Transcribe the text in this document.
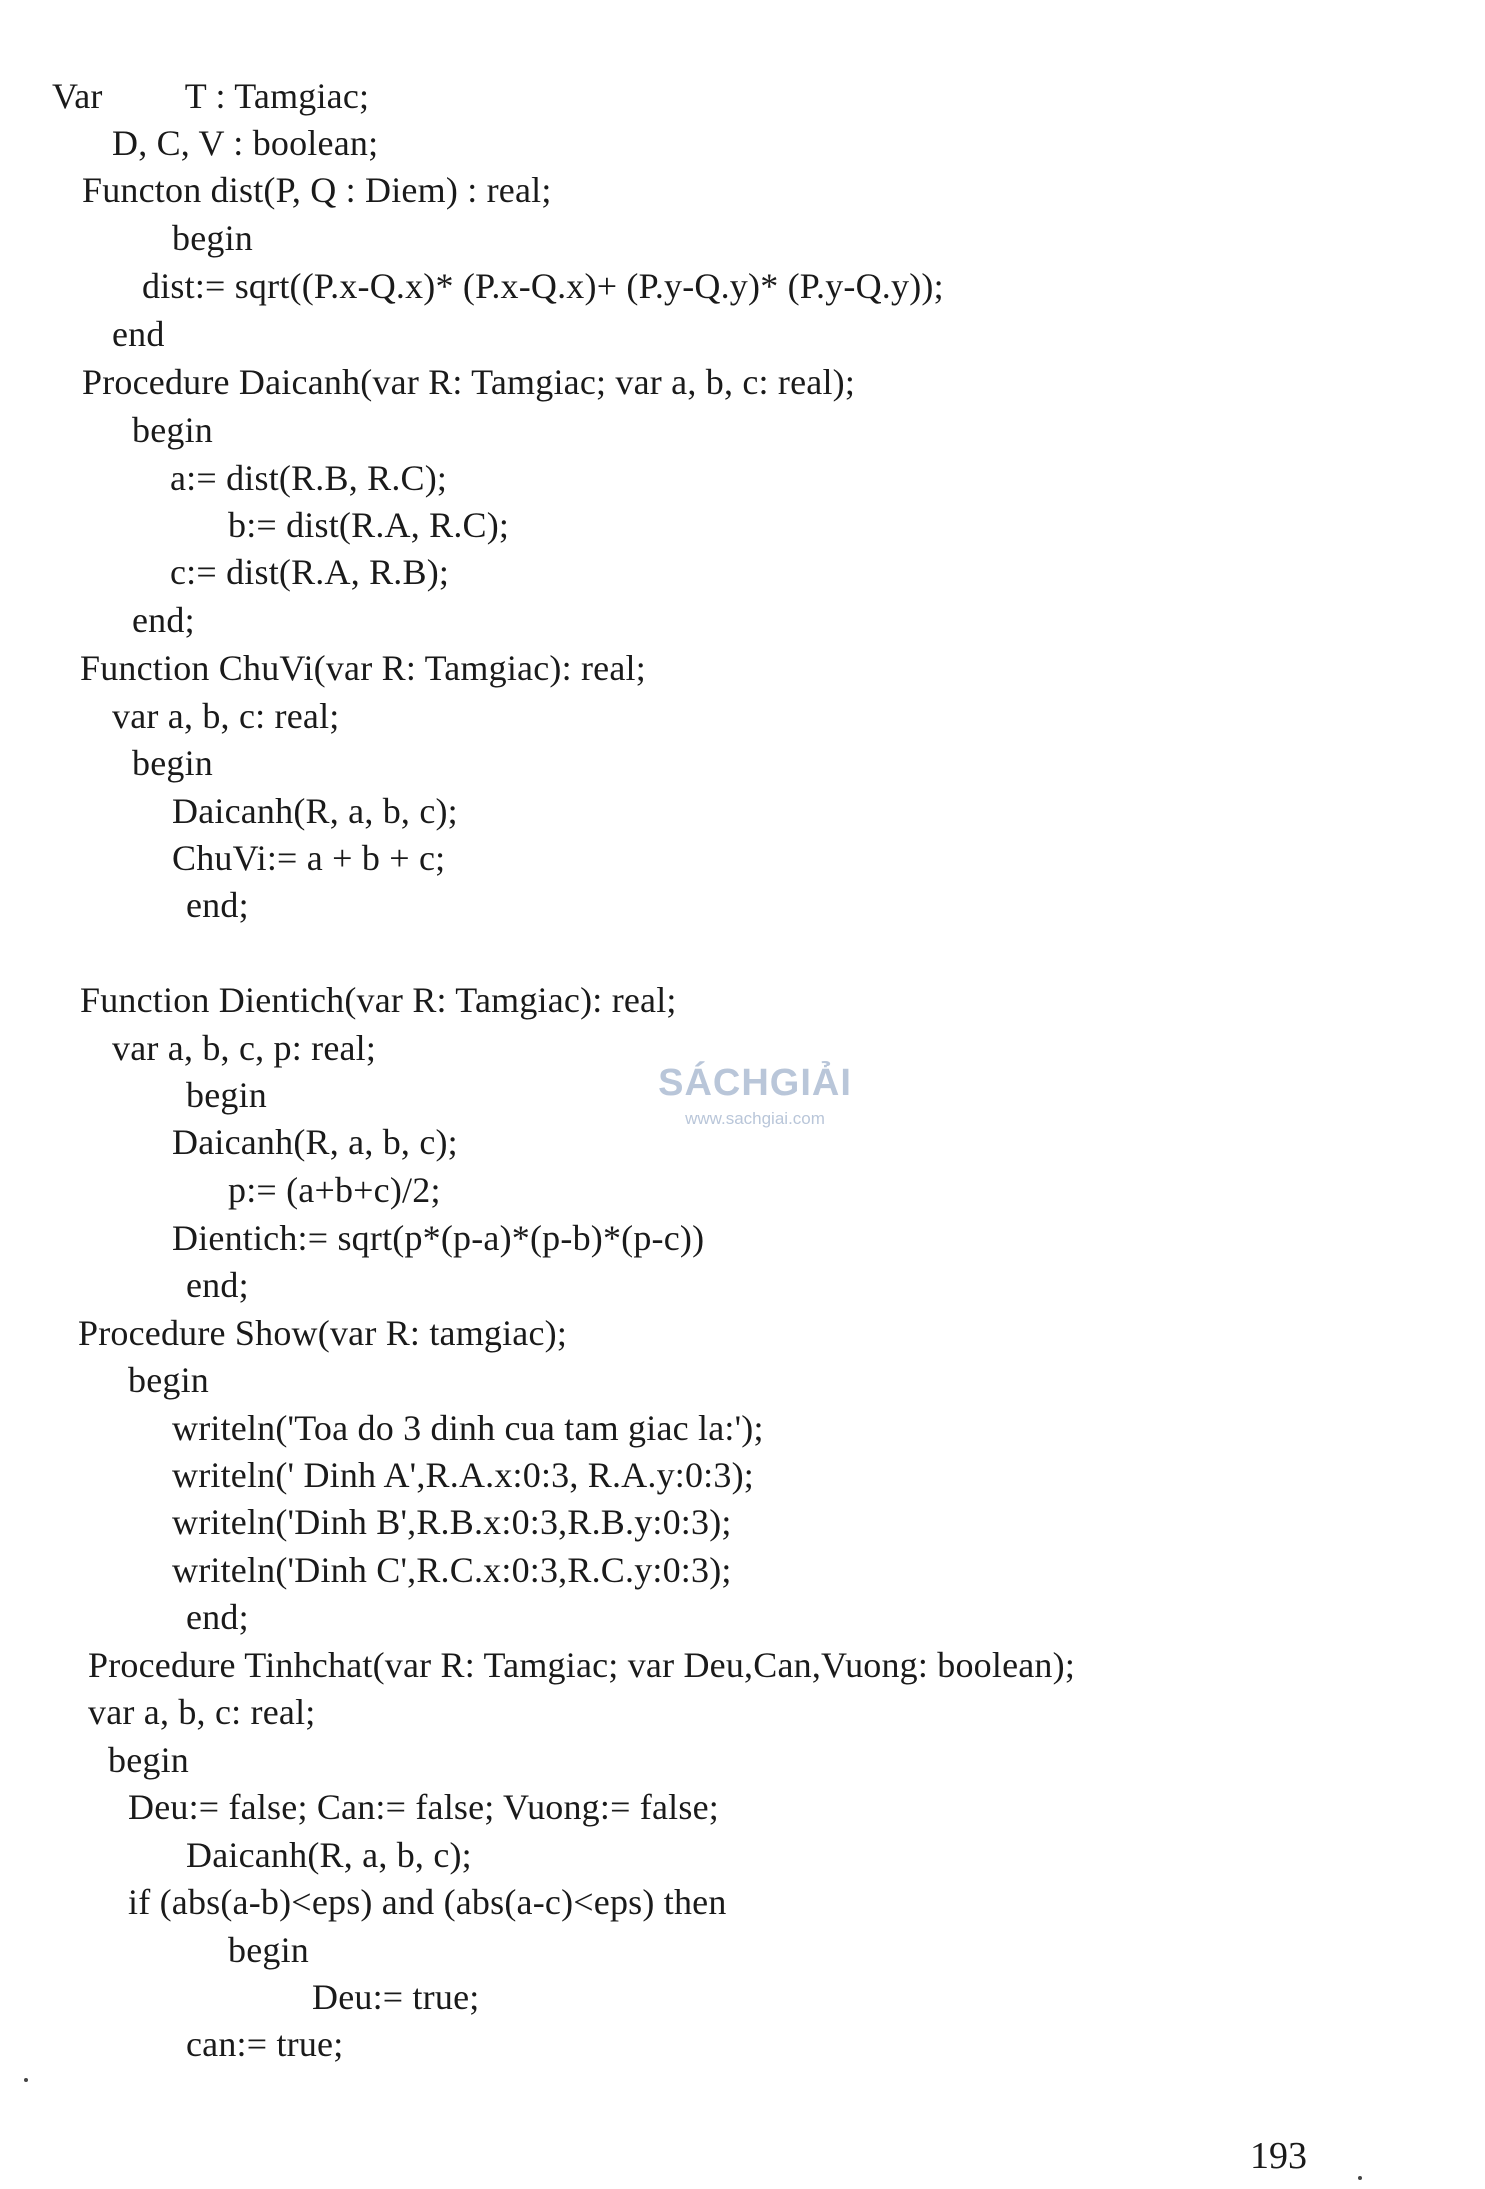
Var         T : Tamgiac;
D, C, V : boolean;
Functon dist(P, Q : Diem) : real;
begin
dist:= sqrt((P.x-Q.x)* (P.x-Q.x)+ (P.y-Q.y)* (P.y-Q.y));
end
Procedure Daicanh(var R: Tamgiac; var a, b, c: real);
begin
a:= dist(R.B, R.C);
b:= dist(R.A, R.C);
c:= dist(R.A, R.B);
end;
Function ChuVi(var R: Tamgiac): real;
var a, b, c: real;
begin
Daicanh(R, a, b, c);
ChuVi:= a + b + c;
end;
Function Dientich(var R: Tamgiac): real;
var a, b, c, p: real;
begin
Daicanh(R, a, b, c);
p:= (a+b+c)/2;
Dientich:= sqrt(p*(p-a)*(p-b)*(p-c))
end;
Procedure Show(var R: tamgiac);
begin
writeln('Toa do 3 dinh cua tam giac la:');
writeln(' Dinh A',R.A.x:0:3, R.A.y:0:3);
writeln('Dinh B',R.B.x:0:3,R.B.y:0:3);
writeln('Dinh C',R.C.x:0:3,R.C.y:0:3);
end;
Procedure Tinhchat(var R: Tamgiac; var Deu,Can,Vuong: boolean);
var a, b, c: real;
begin
Deu:= false; Can:= false; Vuong:= false;
Daicanh(R, a, b, c);
if (abs(a-b)<eps) and (abs(a-c)<eps) then
begin
Deu:= true;
can:= true;
SÁCHGIẢI
www.sachgiai.com
193
